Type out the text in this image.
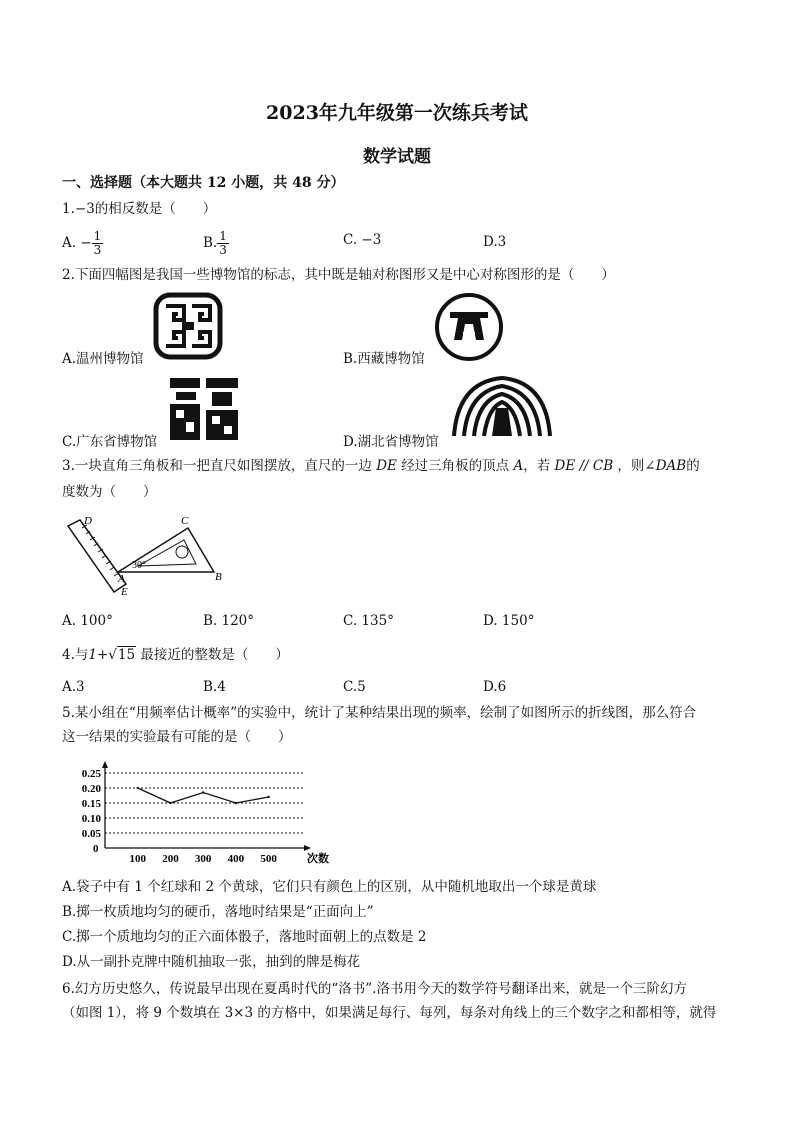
2023年九年级第一次练兵考试
数学试题
一、选择题（本大题共 12 小题，共 48 分）
1.−3的相反数是（　　）
A. − $\frac{1}{3}$	B. $\frac{1}{3}$	C. −3	D.3
2.下面四幅图是我国一些博物馆的标志，其中既是轴对称图形又是中心对称图形的是（　　）
A.温州博物馆	B.西藏博物馆
C.广东省博物馆	D.湖北省博物馆
3.一块直角三角板和一把直尺如图摆放，直尺的一边 DE 经过三角板的顶点 A，若 DE // CB ，则∠DAB的
度数为（　　）
D	C
30°
A
E
B
A. 100°	B. 120°	C. 135°	D. 150°
4.与1+√15 最接近的整数是（　　）
A.3	B.4	C.5	D.6
5.某小组在“用频率估计概率”的实验中，统计了某种结果出现的频率，绘制了如图所示的折线图，那么符合
这一结果的实验最有可能的是（　　）
0.25
0.20
0.15
0.10
0.05
0
100 200 300 400 500	次数
A.袋子中有 1 个红球和 2 个黄球，它们只有颜色上的区别，从中随机地取出一个球是黄球
B.掷一枚质地均匀的硬币，落地时结果是“正面向上”
C.掷一个质地均匀的正六面体骰子，落地时面朝上的点数是 2
D.从一副扑克牌中随机抽取一张，抽到的牌是梅花
6.幻方历史悠久，传说最早出现在夏禹时代的“洛书”.洛书用今天的数学符号翻译出来，就是一个三阶幻方
（如图 1），将 9 个数填在 3×3 的方格中，如果满足每行、每列，每条对角线上的三个数字之和都相等，就得
